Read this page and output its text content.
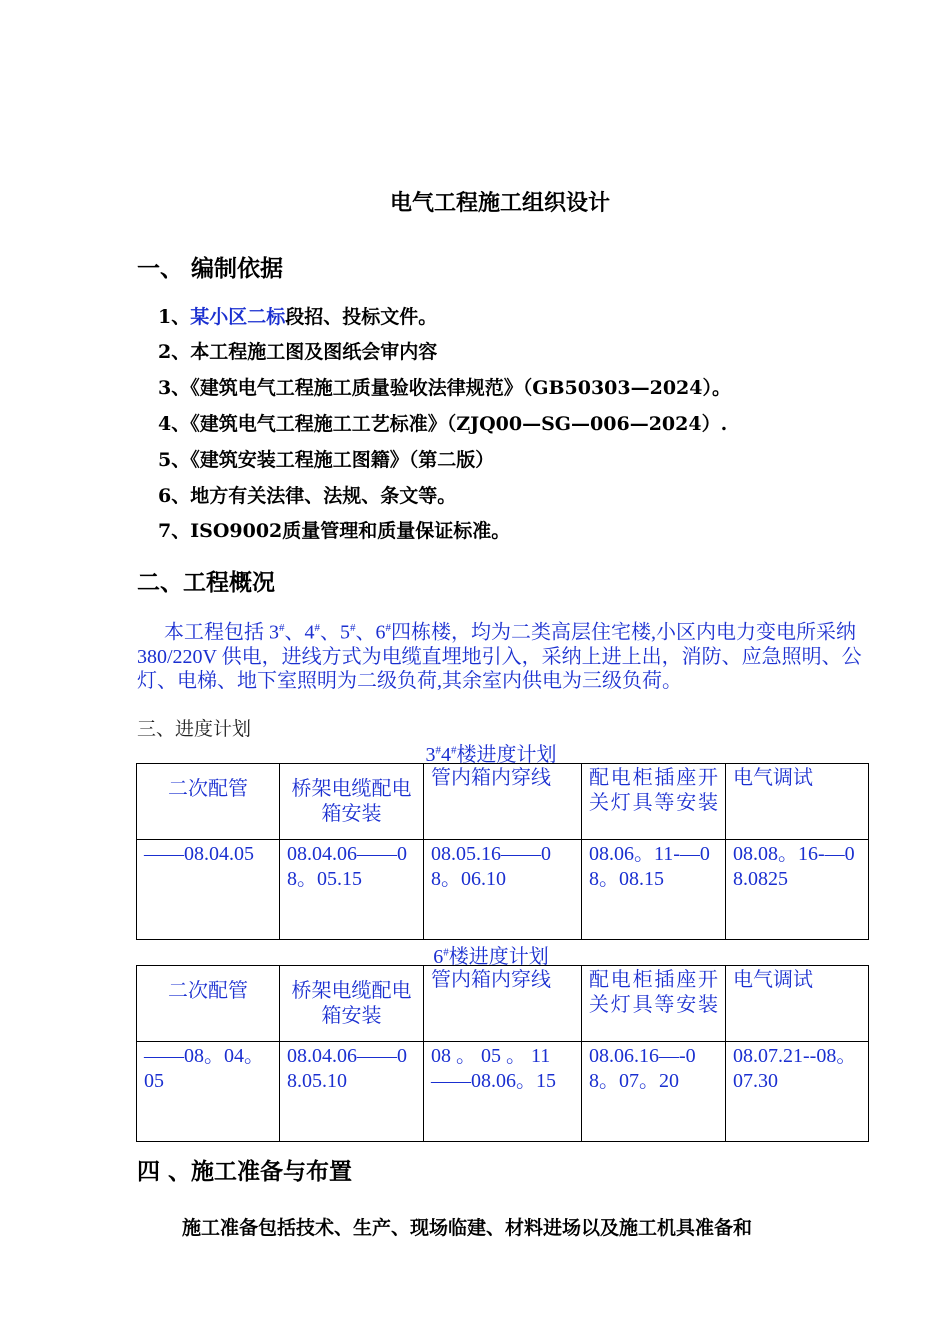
电气工程施工组织设计
一、 编制依据
1、某小区二标段招、投标文件。
2、本工程施工图及图纸会审内容
3、《建筑电气工程施工质量验收法律规范》（GB50303—2024）。
4、《建筑电气工程施工工艺标准》（ZJQ00—SG—006—2024）.
5、《建筑安装工程施工图籍》（第二版）
6、地方有关法律、法规、条文等。
7、ISO9002质量管理和质量保证标准。
二、工程概况
本工程包括 3#、4#、5#、6#四栋楼，均为二类高层住宅楼,小区内电力变电所采纳 380/220V 供电，进线方式为电缆直埋地引入，采纳上进上出，消防、应急照明、公灯、电梯、地下室照明为二级负荷,其余室内供电为三级负荷。
三、进度计划
3#4#楼进度计划
二次配管	桥架电缆配电箱安装	管内箱内穿线	配电柜插座开关灯具等安装	电气调试
——08.04.05	08.04.06——08。05.15	08.05.16——08。06.10	08.06。11-—08。08.15	08.08。16-—08.0825
6#楼进度计划
二次配管	桥架电缆配电箱安装	管内箱内穿线	配电柜插座开关灯具等安装	电气调试
——08。04。05	08.04.06——08.05.10	08 。 05 。 11——08.06。15	08.06.16—-08。07。20	08.07.21--08。07.30
四 、施工准备与布置
施工准备包括技术、生产、现场临建、材料进场以及施工机具准备和
